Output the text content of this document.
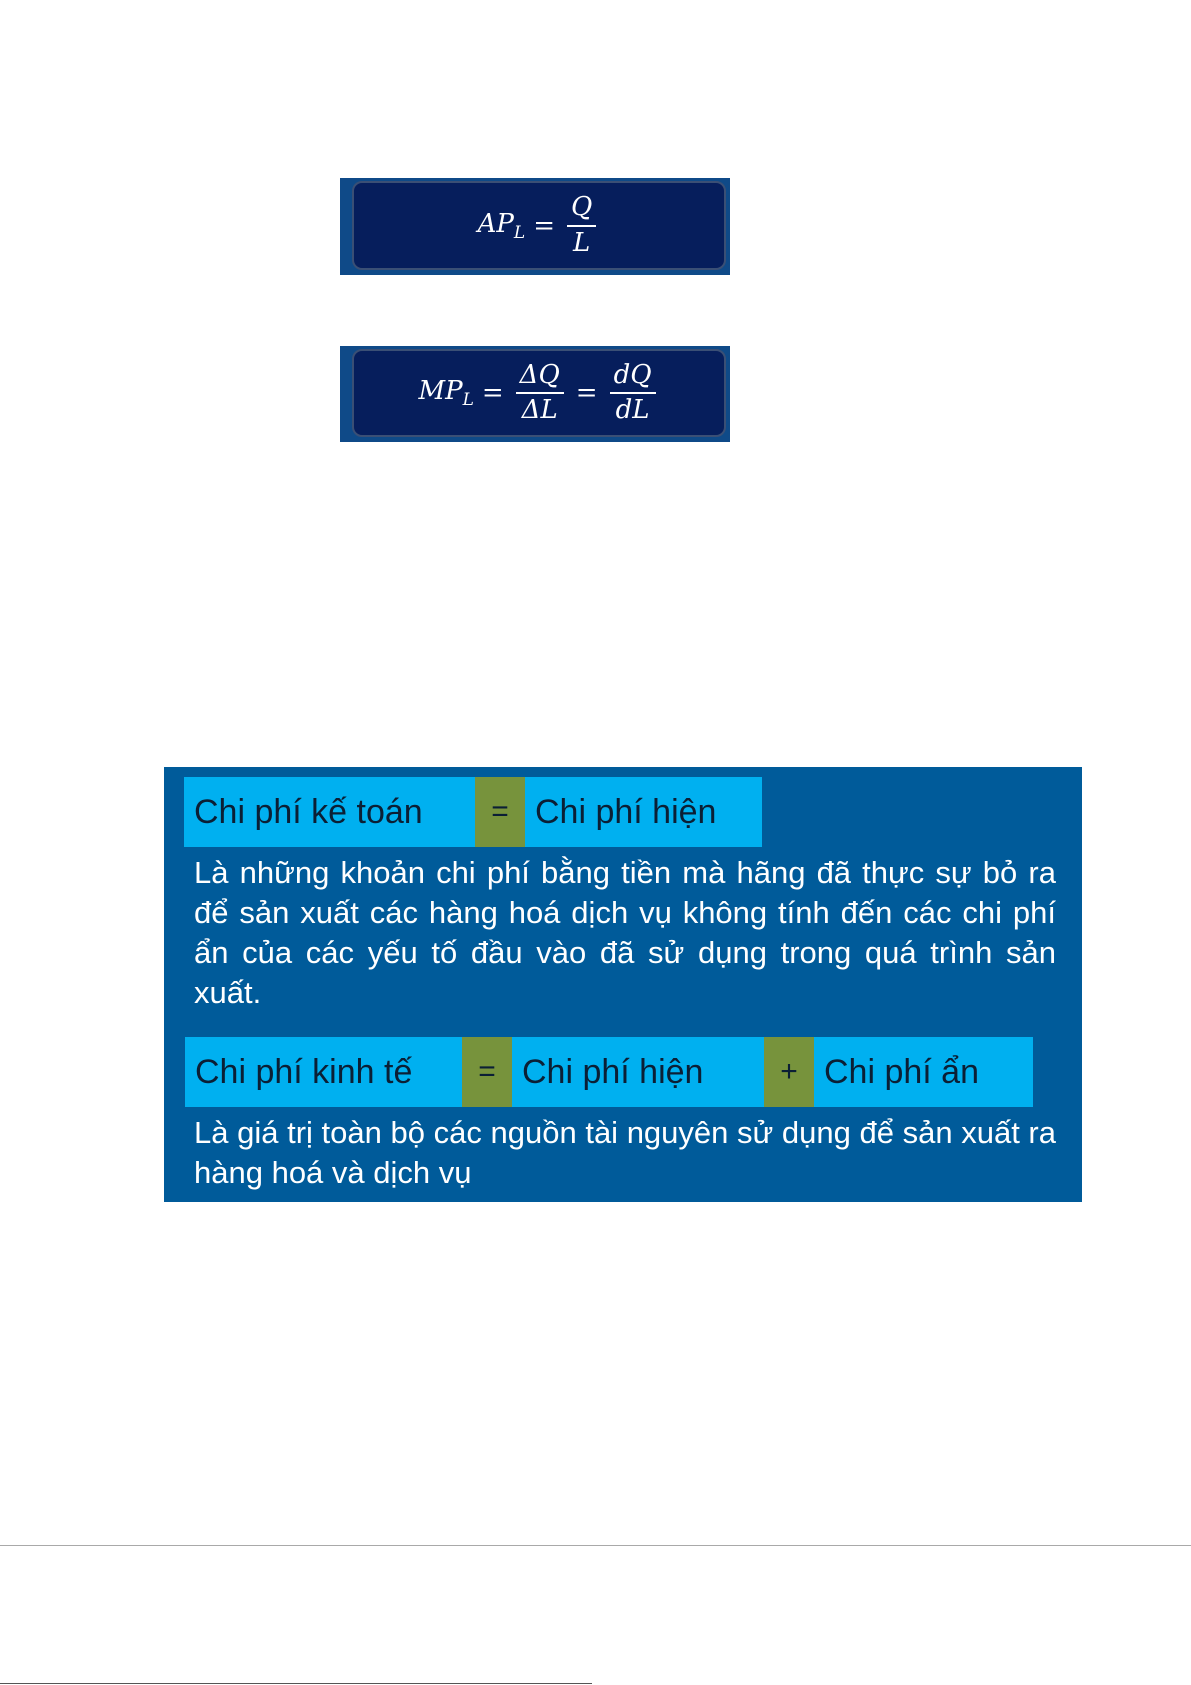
$AP_L = \frac{Q}{L}$
$MP_L = \frac{\Delta Q}{\Delta L} = \frac{dQ}{dL}$
Chi phí kế toán	= Chi phí hiện
Là những khoản chi phí bằng tiền mà hãng đã thực sự bỏ ra để sản xuất các hàng hoá dịch vụ không tính đến các chi phí ẩn của các yếu tố đầu vào đã sử dụng trong quá trình sản xuất.
Chi phí kinh tế	= Chi phí hiện	+ Chi phí ẩn
Là giá trị toàn bộ các nguồn tài nguyên sử dụng để sản xuất ra hàng hoá và dịch vụ
